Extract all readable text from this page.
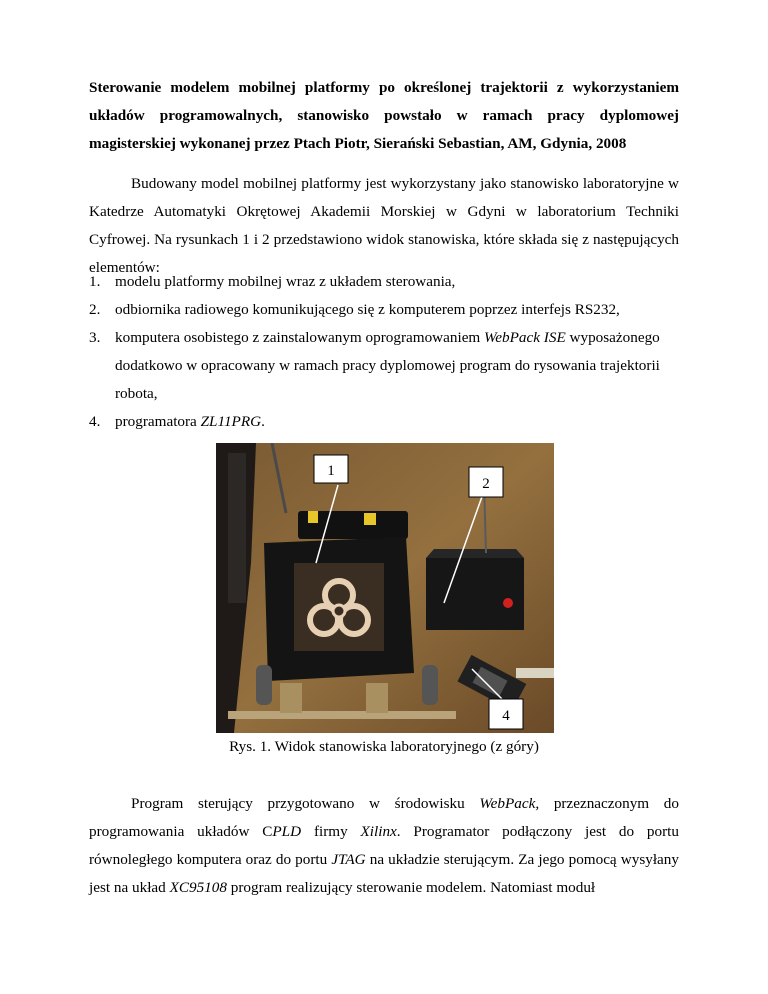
Sterowanie modelem mobilnej platformy po określonej trajektorii z wykorzystaniem układów programowalnych, stanowisko powstało w ramach pracy dyplomowej magisterskiej wykonanej przez Ptach Piotr, Sierański Sebastian, AM, Gdynia, 2008
Budowany model mobilnej platformy jest wykorzystany jako stanowisko laboratoryjne w Katedrze Automatyki Okrętowej Akademii Morskiej w Gdyni w laboratorium Techniki Cyfrowej. Na rysunkach 1 i 2 przedstawiono widok stanowiska, które składa się z następujących elementów:
1. modelu platformy mobilnej wraz z układem sterowania,
2. odbiornika radiowego komunikującego się z komputerem poprzez interfejs RS232,
3. komputera osobistego z zainstalowanym oprogramowaniem WebPack ISE wyposażonego dodatkowo w opracowany w ramach pracy dyplomowej program do rysowania trajektorii robota,
4. programatora ZL11PRG.
1
2
4
Rys. 1. Widok stanowiska laboratoryjnego (z góry)
Program sterujący przygotowano w środowisku WebPack, przeznaczonym do programowania układów CPLD firmy Xilinx. Programator podłączony jest do portu równoległego komputera oraz do portu JTAG na układzie sterującym. Za jego pomocą wysyłany jest na układ XC95108 program realizujący sterowanie modelem. Natomiast moduł
